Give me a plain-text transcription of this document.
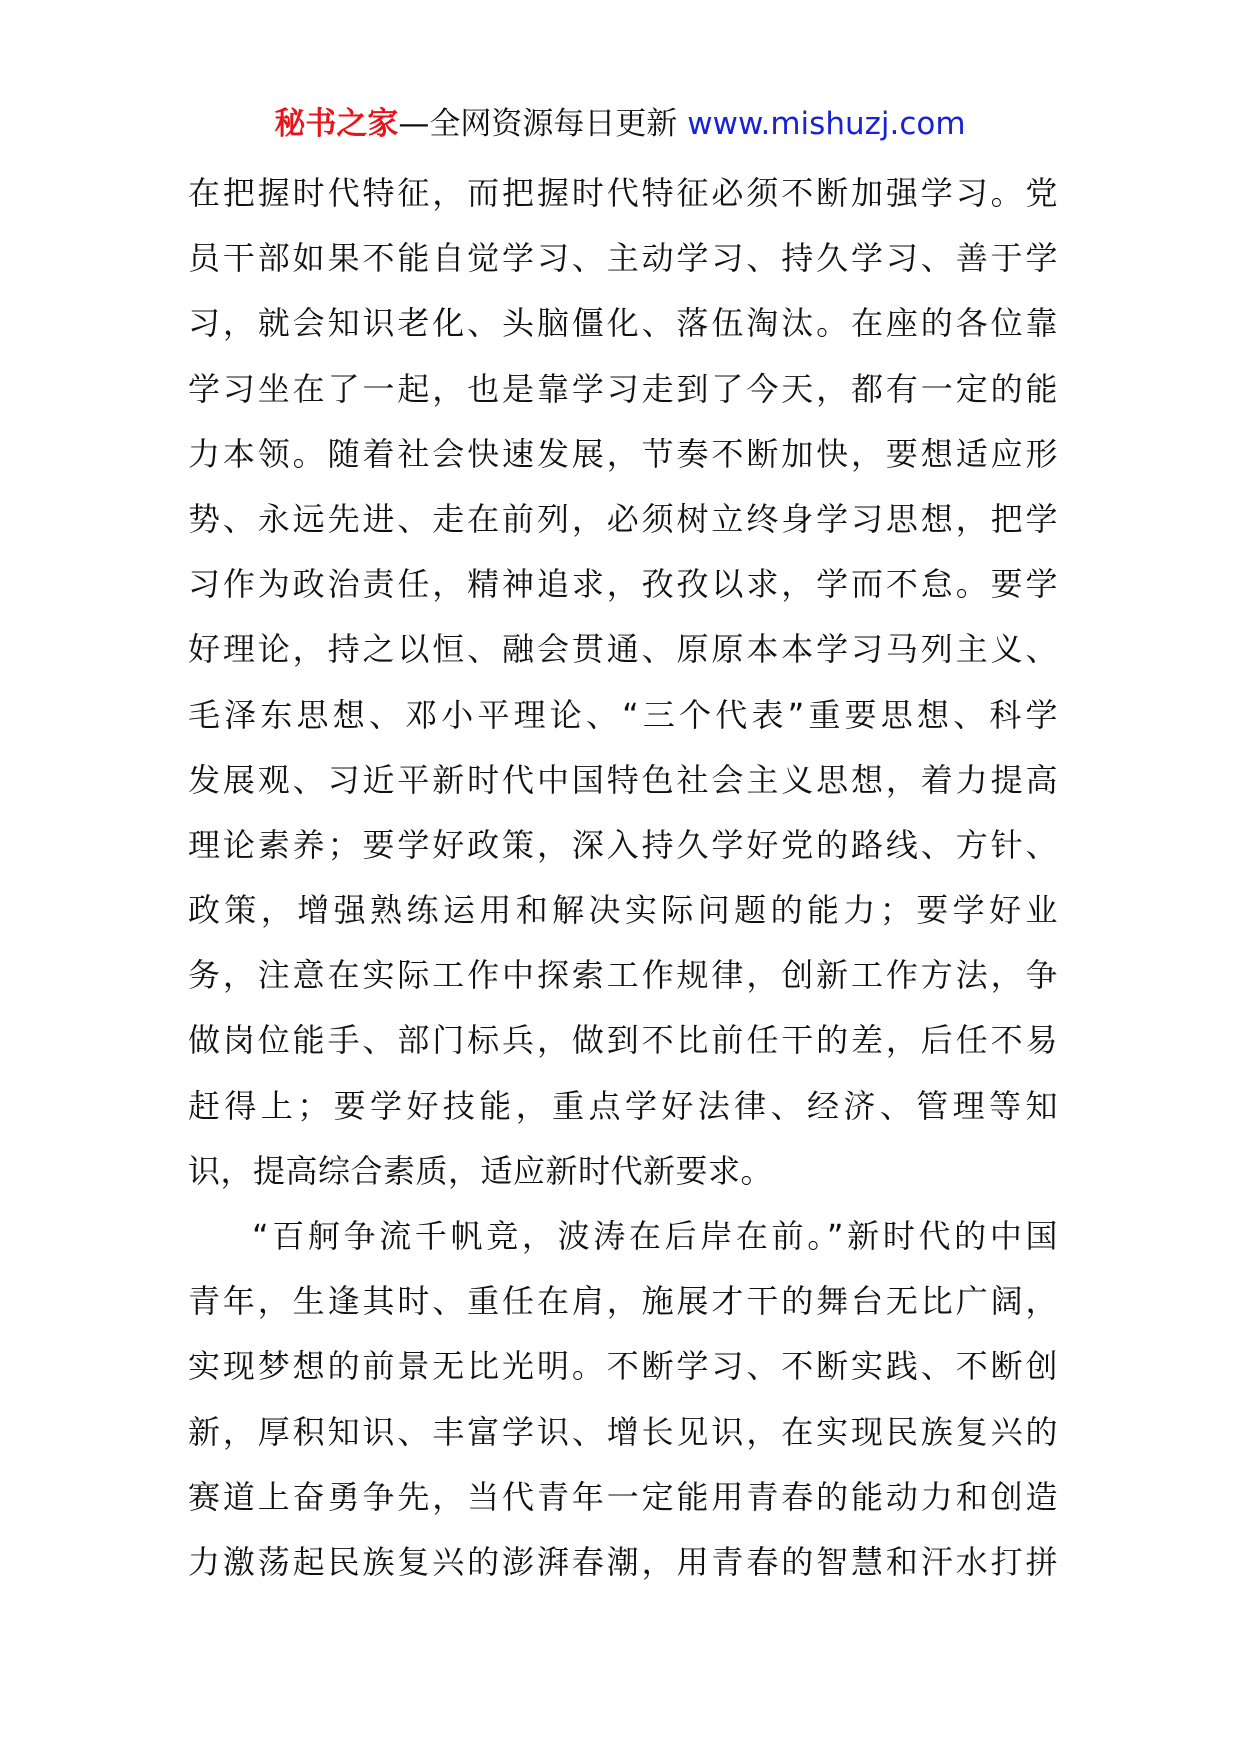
秘书之家—全网资源每日更新 www.mishuzj.com
在把握时代特征，而把握时代特征必须不断加强学习。党
员干部如果不能自觉学习、主动学习、持久学习、善于学
习，就会知识老化、头脑僵化、落伍淘汰。在座的各位靠
学习坐在了一起，也是靠学习走到了今天，都有一定的能
力本领。随着社会快速发展，节奏不断加快，要想适应形
势、永远先进、走在前列，必须树立终身学习思想，把学
习作为政治责任，精神追求，孜孜以求，学而不怠。要学
好理论，持之以恒、融会贯通、原原本本学习马列主义、
毛泽东思想、邓小平理论、“三个代表”重要思想、科学
发展观、习近平新时代中国特色社会主义思想，着力提高
理论素养；要学好政策，深入持久学好党的路线、方针、
政策，增强熟练运用和解决实际问题的能力；要学好业
务，注意在实际工作中探索工作规律，创新工作方法，争
做岗位能手、部门标兵，做到不比前任干的差，后任不易
赶得上；要学好技能，重点学好法律、经济、管理等知
识，提高综合素质，适应新时代新要求。
“百舸争流千帆竞，波涛在后岸在前。”新时代的中国
青年，生逢其时、重任在肩，施展才干的舞台无比广阔，
实现梦想的前景无比光明。不断学习、不断实践、不断创
新，厚积知识、丰富学识、增长见识，在实现民族复兴的
赛道上奋勇争先，当代青年一定能用青春的能动力和创造
力激荡起民族复兴的澎湃春潮，用青春的智慧和汗水打拼
